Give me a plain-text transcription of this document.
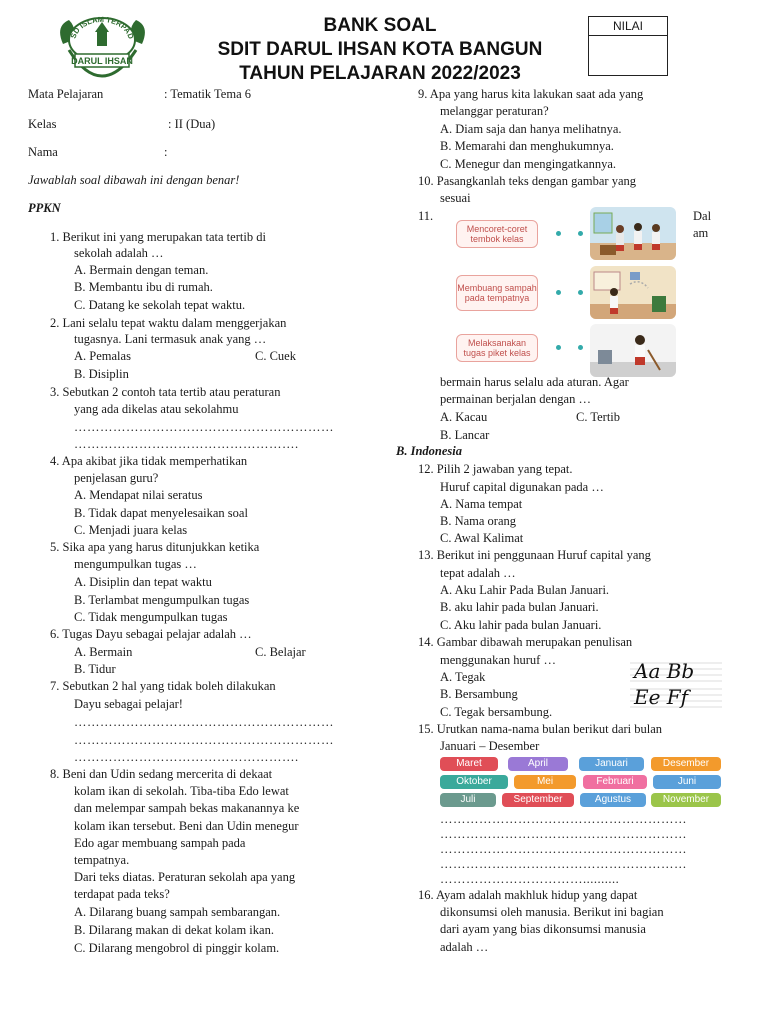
SD ISLAM TERPAD
DARUL IHSAN
BANK SOAL
SDIT DARUL IHSAN KOTA BANGUN
TAHUN PELAJARAN 2022/2023
NILAI
Mata Pelajaran	: Tematik Tema 6
Kelas	: II (Dua)
Nama	:
Jawablah soal dibawah ini dengan benar!
PPKN
1. Berikut ini yang merupakan tata tertib di
sekolah adalah …
A. Bermain dengan teman.
B. Membantu ibu di rumah.
C. Datang ke sekolah tepat waktu.
2. Lani selalu tepat waktu dalam menggerjakan
tugasnya. Lani termasuk anak yang …
A. Pemalas	C. Cuek
B. Disiplin
3. Sebutkan 2 contoh tata tertib atau peraturan
yang ada dikelas atau sekolahmu
……………………………………………………
…………………………………………….
4. Apa akibat jika tidak memperhatikan
penjelasan guru?
A. Mendapat nilai seratus
B. Tidak dapat menyelesaikan soal
C. Menjadi juara kelas
5. Sika apa yang harus ditunjukkan ketika
mengumpulkan tugas …
A. Disiplin dan tepat waktu
B. Terlambat mengumpulkan tugas
C. Tidak mengumpulkan tugas
6. Tugas Dayu sebagai pelajar adalah …
A. Bermain	C. Belajar
B. Tidur
7. Sebutkan 2 hal yang tidak boleh dilakukan
Dayu sebagai pelajar!
……………………………………………………
……………………………………………………
…………………………………………….
8. Beni dan Udin sedang mercerita di dekaat
kolam ikan di sekolah. Tiba-tiba Edo lewat
dan melempar sampah bekas makanannya ke
kolam ikan tersebut. Beni dan Udin menegur
Edo agar membuang sampah pada
tempatnya.
Dari teks diatas. Peraturan sekolah apa yang
terdapat pada teks?
A. Dilarang buang sampah sembarangan.
B. Dilarang makan di dekat kolam ikan.
C. Dilarang mengobrol di pinggir kolam.
9. Apa yang harus kita lakukan saat ada yang
melanggar peraturan?
A. Diam saja dan hanya melihatnya.
B. Memarahi dan menghukumnya.
C. Menegur dan mengingatkannya.
10. Pasangkanlah teks dengan gambar yang
sesuai
11.	Dal
am
Mencoret-coret tembok kelas
Membuang sampah pada tempatnya
Melaksanakan tugas piket kelas
bermain harus selalu ada aturan. Agar
permainan berjalan dengan …
A. Kacau	C. Tertib
B. Lancar
B. Indonesia
12. Pilih 2 jawaban yang tepat.
Huruf capital digunakan pada …
A. Nama tempat
B. Nama orang
C. Awal Kalimat
13. Berikut ini penggunaan Huruf capital yang
tepat adalah …
A. Aku Lahir Pada Bulan Januari.
B. aku lahir pada bulan Januari.
C. Aku lahir pada bulan Januari.
14. Gambar dibawah merupakan penulisan
menggunakan huruf …
A. Tegak
B. Bersambung
C. Tegak bersambung.
Aa Bb
Ee Ff
15. Urutkan nama-nama bulan berikut dari bulan
Januari – Desember
Maret	April	Januari	Desember
Oktober	Mei	Februari	Juni
Juli	September	Agustus	November
…………………………………………………
…………………………………………………
…………………………………………………
…………………………………………………
……………………………..........
16. Ayam adalah makhluk hidup yang dapat
dikonsumsi oleh manusia. Berikut ini bagian
dari ayam yang bias dikonsumsi manusia
adalah …
